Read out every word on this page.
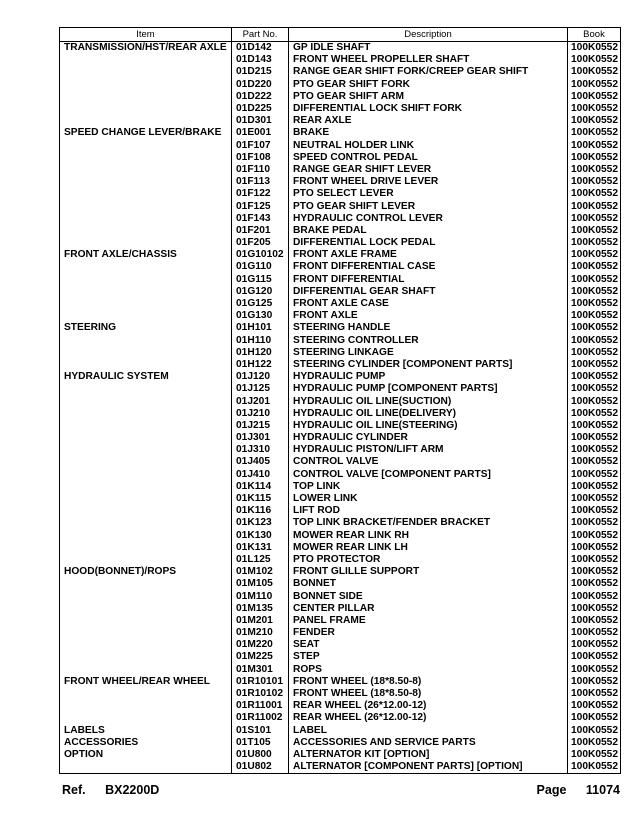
Item	Part No.	Description	Book
TRANSMISSION/HST/REAR AXLE	01D142	GP IDLE SHAFT	100K0552
	01D143	FRONT WHEEL PROPELLER SHAFT	100K0552
	01D215	RANGE GEAR SHIFT FORK/CREEP GEAR SHIFT	100K0552
	01D220	PTO GEAR SHIFT FORK	100K0552
	01D222	PTO GEAR SHIFT ARM	100K0552
	01D225	DIFFERENTIAL LOCK SHIFT FORK	100K0552
	01D301	REAR AXLE	100K0552
SPEED CHANGE LEVER/BRAKE	01E001	BRAKE	100K0552
	01F107	NEUTRAL HOLDER LINK	100K0552
	01F108	SPEED CONTROL PEDAL	100K0552
	01F110	RANGE GEAR SHIFT LEVER	100K0552
	01F113	FRONT WHEEL DRIVE LEVER	100K0552
	01F122	PTO SELECT LEVER	100K0552
	01F125	PTO GEAR SHIFT LEVER	100K0552
	01F143	HYDRAULIC CONTROL LEVER	100K0552
	01F201	BRAKE PEDAL	100K0552
	01F205	DIFFERENTIAL LOCK PEDAL	100K0552
FRONT AXLE/CHASSIS	01G10102	FRONT AXLE FRAME	100K0552
	01G110	FRONT DIFFERENTIAL CASE	100K0552
	01G115	FRONT DIFFERENTIAL	100K0552
	01G120	DIFFERENTIAL GEAR SHAFT	100K0552
	01G125	FRONT AXLE CASE	100K0552
	01G130	FRONT AXLE	100K0552
STEERING	01H101	STEERING HANDLE	100K0552
	01H110	STEERING CONTROLLER	100K0552
	01H120	STEERING LINKAGE	100K0552
	01H122	STEERING CYLINDER [COMPONENT PARTS]	100K0552
HYDRAULIC SYSTEM	01J120	HYDRAULIC PUMP	100K0552
	01J125	HYDRAULIC PUMP [COMPONENT PARTS]	100K0552
	01J201	HYDRAULIC OIL LINE(SUCTION)	100K0552
	01J210	HYDRAULIC OIL LINE(DELIVERY)	100K0552
	01J215	HYDRAULIC OIL LINE(STEERING)	100K0552
	01J301	HYDRAULIC CYLINDER	100K0552
	01J310	HYDRAULIC PISTON/LIFT ARM	100K0552
	01J405	CONTROL VALVE	100K0552
	01J410	CONTROL VALVE [COMPONENT PARTS]	100K0552
	01K114	TOP LINK	100K0552
	01K115	LOWER LINK	100K0552
	01K116	LIFT ROD	100K0552
	01K123	TOP LINK BRACKET/FENDER BRACKET	100K0552
	01K130	MOWER REAR LINK RH	100K0552
	01K131	MOWER REAR LINK LH	100K0552
	01L125	PTO PROTECTOR	100K0552
HOOD(BONNET)/ROPS	01M102	FRONT GLILLE SUPPORT	100K0552
	01M105	BONNET	100K0552
	01M110	BONNET SIDE	100K0552
	01M135	CENTER PILLAR	100K0552
	01M201	PANEL FRAME	100K0552
	01M210	FENDER	100K0552
	01M220	SEAT	100K0552
	01M225	STEP	100K0552
	01M301	ROPS	100K0552
FRONT WHEEL/REAR WHEEL	01R10101	FRONT WHEEL (18*8.50-8)	100K0552
	01R10102	FRONT WHEEL (18*8.50-8)	100K0552
	01R11001	REAR WHEEL (26*12.00-12)	100K0552
	01R11002	REAR WHEEL (26*12.00-12)	100K0552
LABELS	01S101	LABEL	100K0552
ACCESSORIES	01T105	ACCESSORIES AND SERVICE PARTS	100K0552
OPTION	01U800	ALTERNATOR KIT [OPTION]	100K0552
	01U802	ALTERNATOR [COMPONENT PARTS] [OPTION]	100K0552
Ref. BX2200D	Page 11074
